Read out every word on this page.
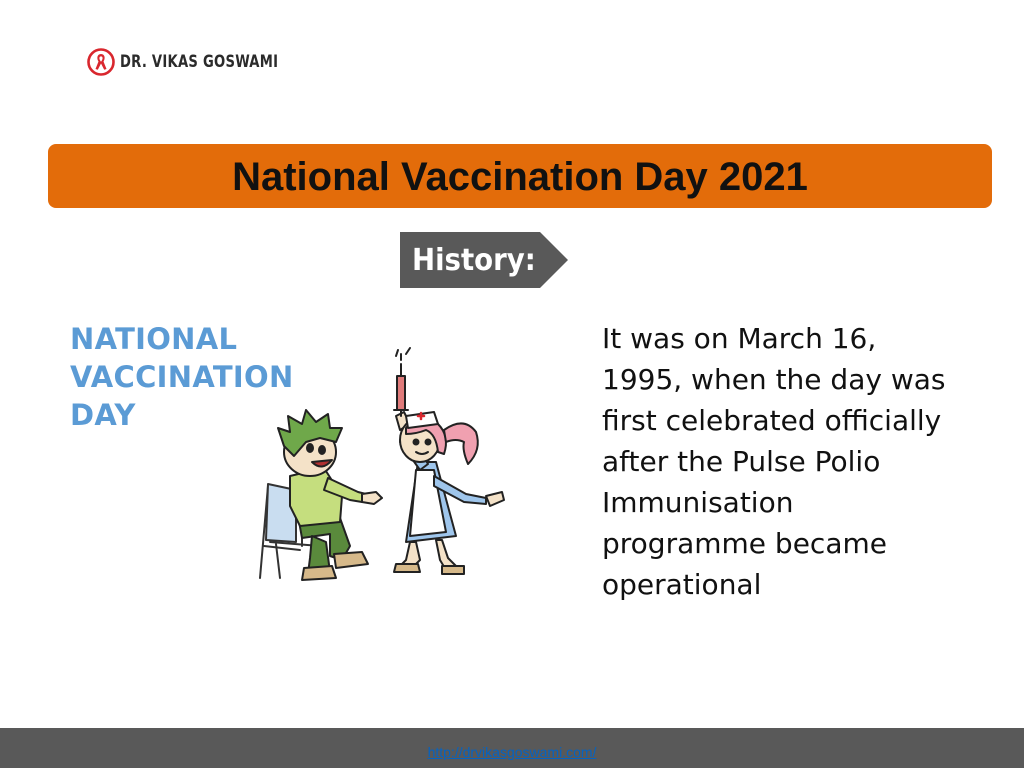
DR. VIKAS GOSWAMI
National Vaccination Day 2021
History:
NATIONAL
VACCINATION
DAY
It was on March 16, 1995, when the day was first celebrated officially after the Pulse Polio Immunisation programme became operational
http://drvikasgoswami.com/
